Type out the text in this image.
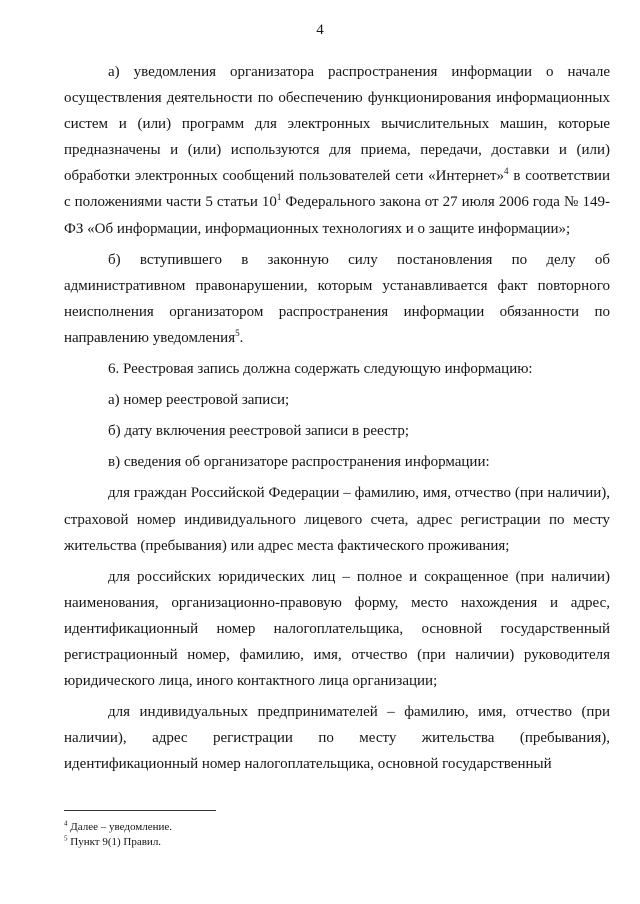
4

а) уведомления организатора распространения информации о начале осуществления деятельности по обеспечению функционирования информационных систем и (или) программ для электронных вычислительных машин, которые предназначены и (или) используются для приема, передачи, доставки и (или) обработки электронных сообщений пользователей сети «Интернет»$^4$ в соответствии с положениями части 5 статьи $10^1$ Федерального закона от 27 июля 2006 года № 149-ФЗ «Об информации, информационных технологиях и о защите информации»;

б) вступившего в законную силу постановления по делу об административном правонарушении, которым устанавливается факт повторного неисполнения организатором распространения информации обязанности по направлению уведомления$^5$.

6. Реестровая запись должна содержать следующую информацию:

а) номер реестровой записи;

б) дату включения реестровой записи в реестр;

в) сведения об организаторе распространения информации:

для граждан Российской Федерации – фамилию, имя, отчество (при наличии), страховой номер индивидуального лицевого счета, адрес регистрации по месту жительства (пребывания) или адрес места фактического проживания;

для российских юридических лиц – полное и сокращенное (при наличии) наименования, организационно-правовую форму, место нахождения и адрес, идентификационный номер налогоплательщика, основной государственный регистрационный номер, фамилию, имя, отчество (при наличии) руководителя юридического лица, иного контактного лица организации;

для индивидуальных предпринимателей – фамилию, имя, отчество (при наличии), адрес регистрации по месту жительства (пребывания), идентификационный номер налогоплательщика, основной государственный

$^4$ Далее – уведомление.
$^5$ Пункт 9(1) Правил.
